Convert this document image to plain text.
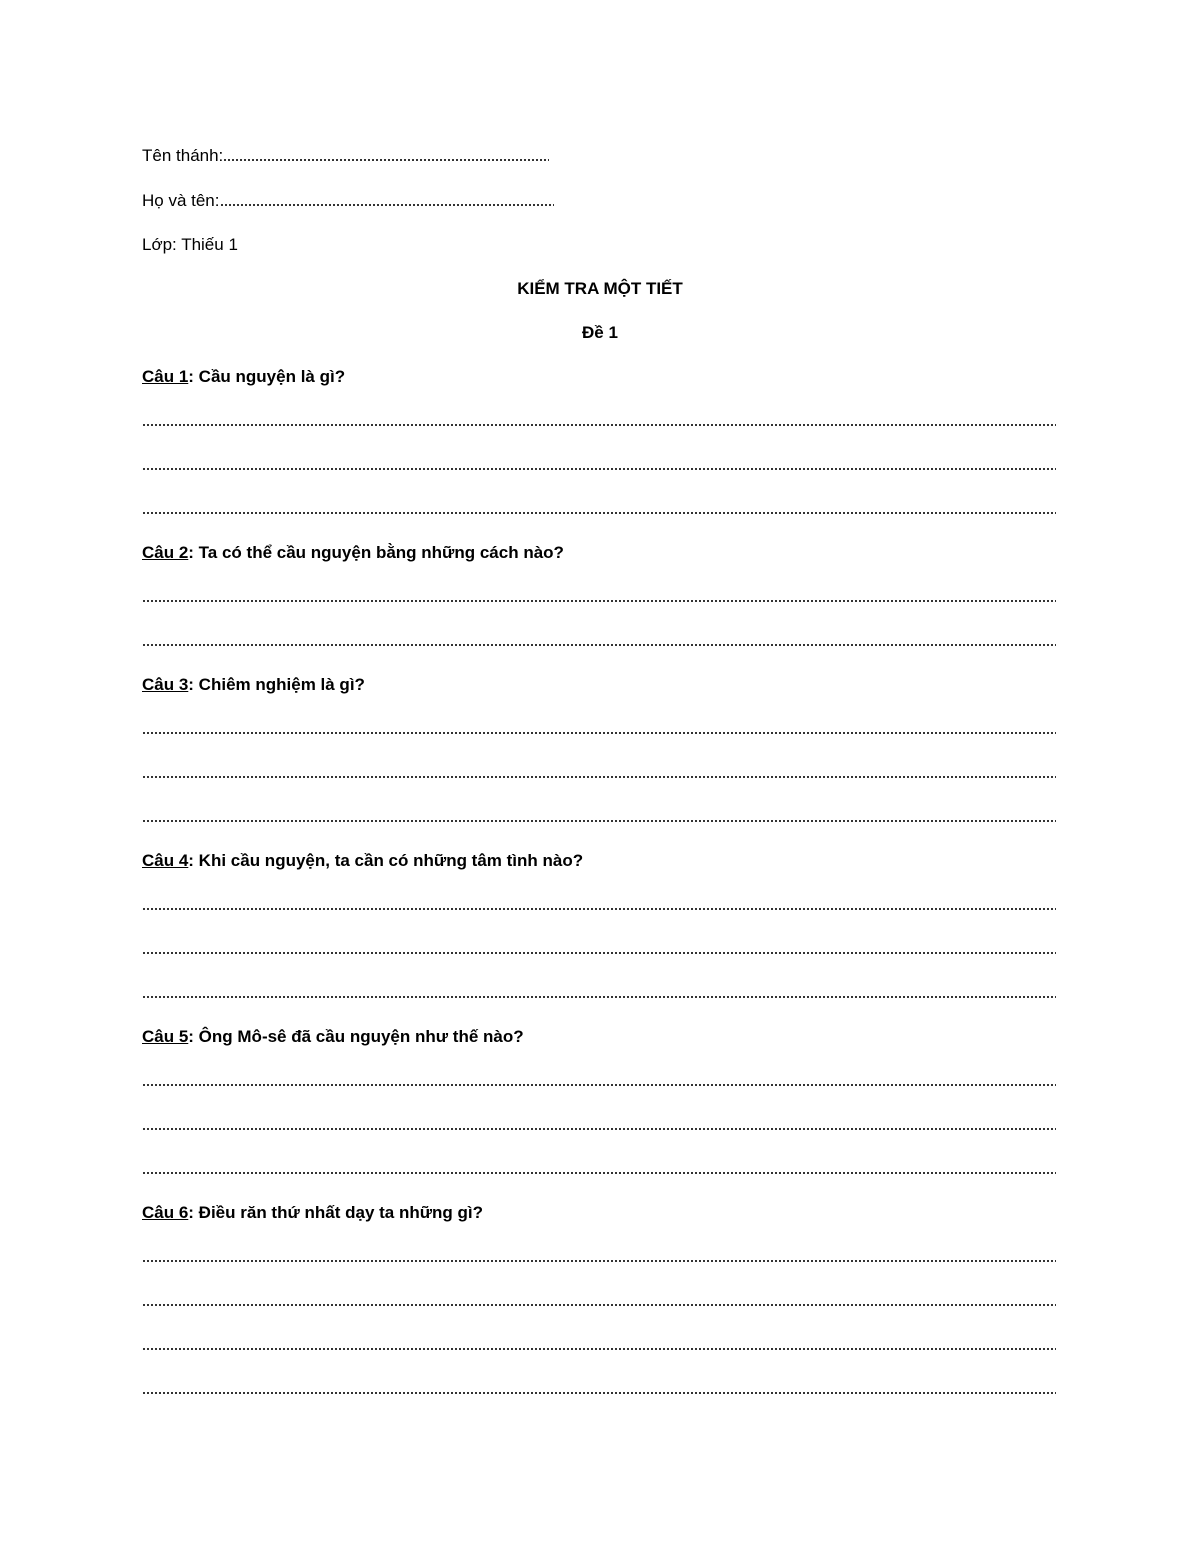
Tên thánh:
Họ và tên:
Lớp: Thiếu 1
KIỂM TRA MỘT TIẾT
Đề 1
Câu 1: Cầu nguyện là gì?
Câu 2: Ta có thể cầu nguyện bằng những cách nào?
Câu 3: Chiêm nghiệm là gì?
Câu 4: Khi cầu nguyện, ta cần có những tâm tình nào?
Câu 5: Ông Mô-sê đã cầu nguyện như thế nào?
Câu 6: Điều răn thứ nhất dạy ta những gì?
